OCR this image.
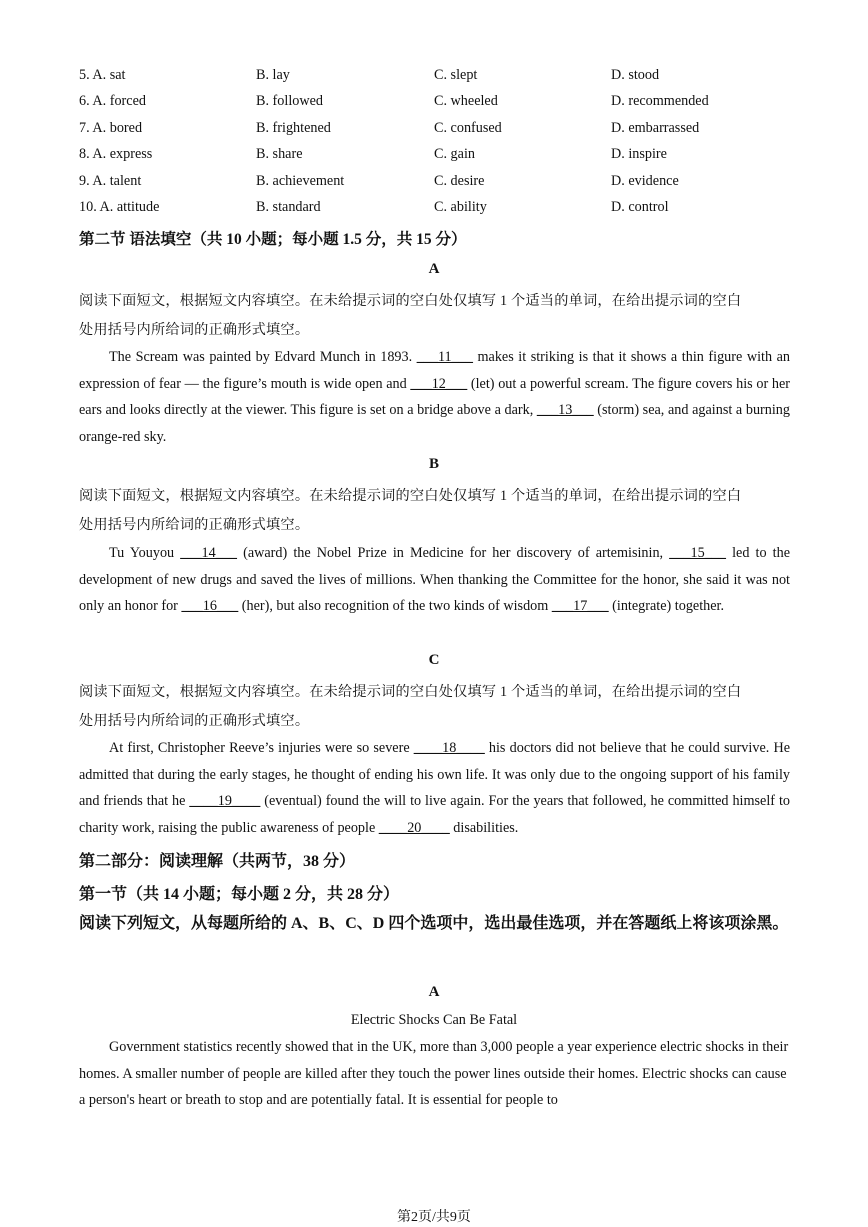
5. A. sat	B. lay	C. slept	D. stood
6. A. forced	B. followed	C. wheeled	D. recommended
7. A. bored	B. frightened	C. confused	D. embarrassed
8. A. express	B. share	C. gain	D. inspire
9. A. talent	B. achievement	C. desire	D. evidence
10. A. attitude	B. standard	C. ability	D. control
第二节 语法填空（共 10 小题；每小题 1.5 分，共 15 分）
A
阅读下面短文，根据短文内容填空。在未给提示词的空白处仅填写 1 个适当的单词，在给出提示词的空白
处用括号内所给词的正确形式填空。
The Scream was painted by Edvard Munch in 1893. ___11___ makes it striking is that it shows a thin figure with an expression of fear — the figure’s mouth is wide open and ___12___ (let) out a powerful scream. The figure covers his or her ears and looks directly at the viewer. This figure is set on a bridge above a dark, ___13___ (storm) sea, and against a burning orange-red sky.
B
阅读下面短文，根据短文内容填空。在未给提示词的空白处仅填写 1 个适当的单词，在给出提示词的空白
处用括号内所给词的正确形式填空。
Tu Youyou ___14___ (award) the Nobel Prize in Medicine for her discovery of artemisinin, ___15___ led to the development of new drugs and saved the lives of millions. When thanking the Committee for the honor, she said it was not only an honor for ___16___ (her), but also recognition of the two kinds of wisdom ___17___ (integrate) together.
C
阅读下面短文，根据短文内容填空。在未给提示词的空白处仅填写 1 个适当的单词，在给出提示词的空白
处用括号内所给词的正确形式填空。
At first, Christopher Reeve’s injuries were so severe ____18____ his doctors did not believe that he could survive. He admitted that during the early stages, he thought of ending his own life. It was only due to the ongoing support of his family and friends that he ____19____ (eventual) found the will to live again. For the years that followed, he committed himself to charity work, raising the public awareness of people ____20____ disabilities.
第二部分：阅读理解（共两节，38 分）
第一节（共 14 小题；每小题 2 分，共 28 分）
阅读下列短文，从每题所给的 A、B、C、D 四个选项中，选出最佳选项，并在答题纸上将该项涂黑。
A
Electric Shocks Can Be Fatal
Government statistics recently showed that in the UK, more than 3,000 people a year experience electric shocks in their homes. A smaller number of people are killed after they touch the power lines outside their homes. Electric shocks can cause a person's heart or breath to stop and are potentially fatal. It is essential for people to
第2页/共9页
